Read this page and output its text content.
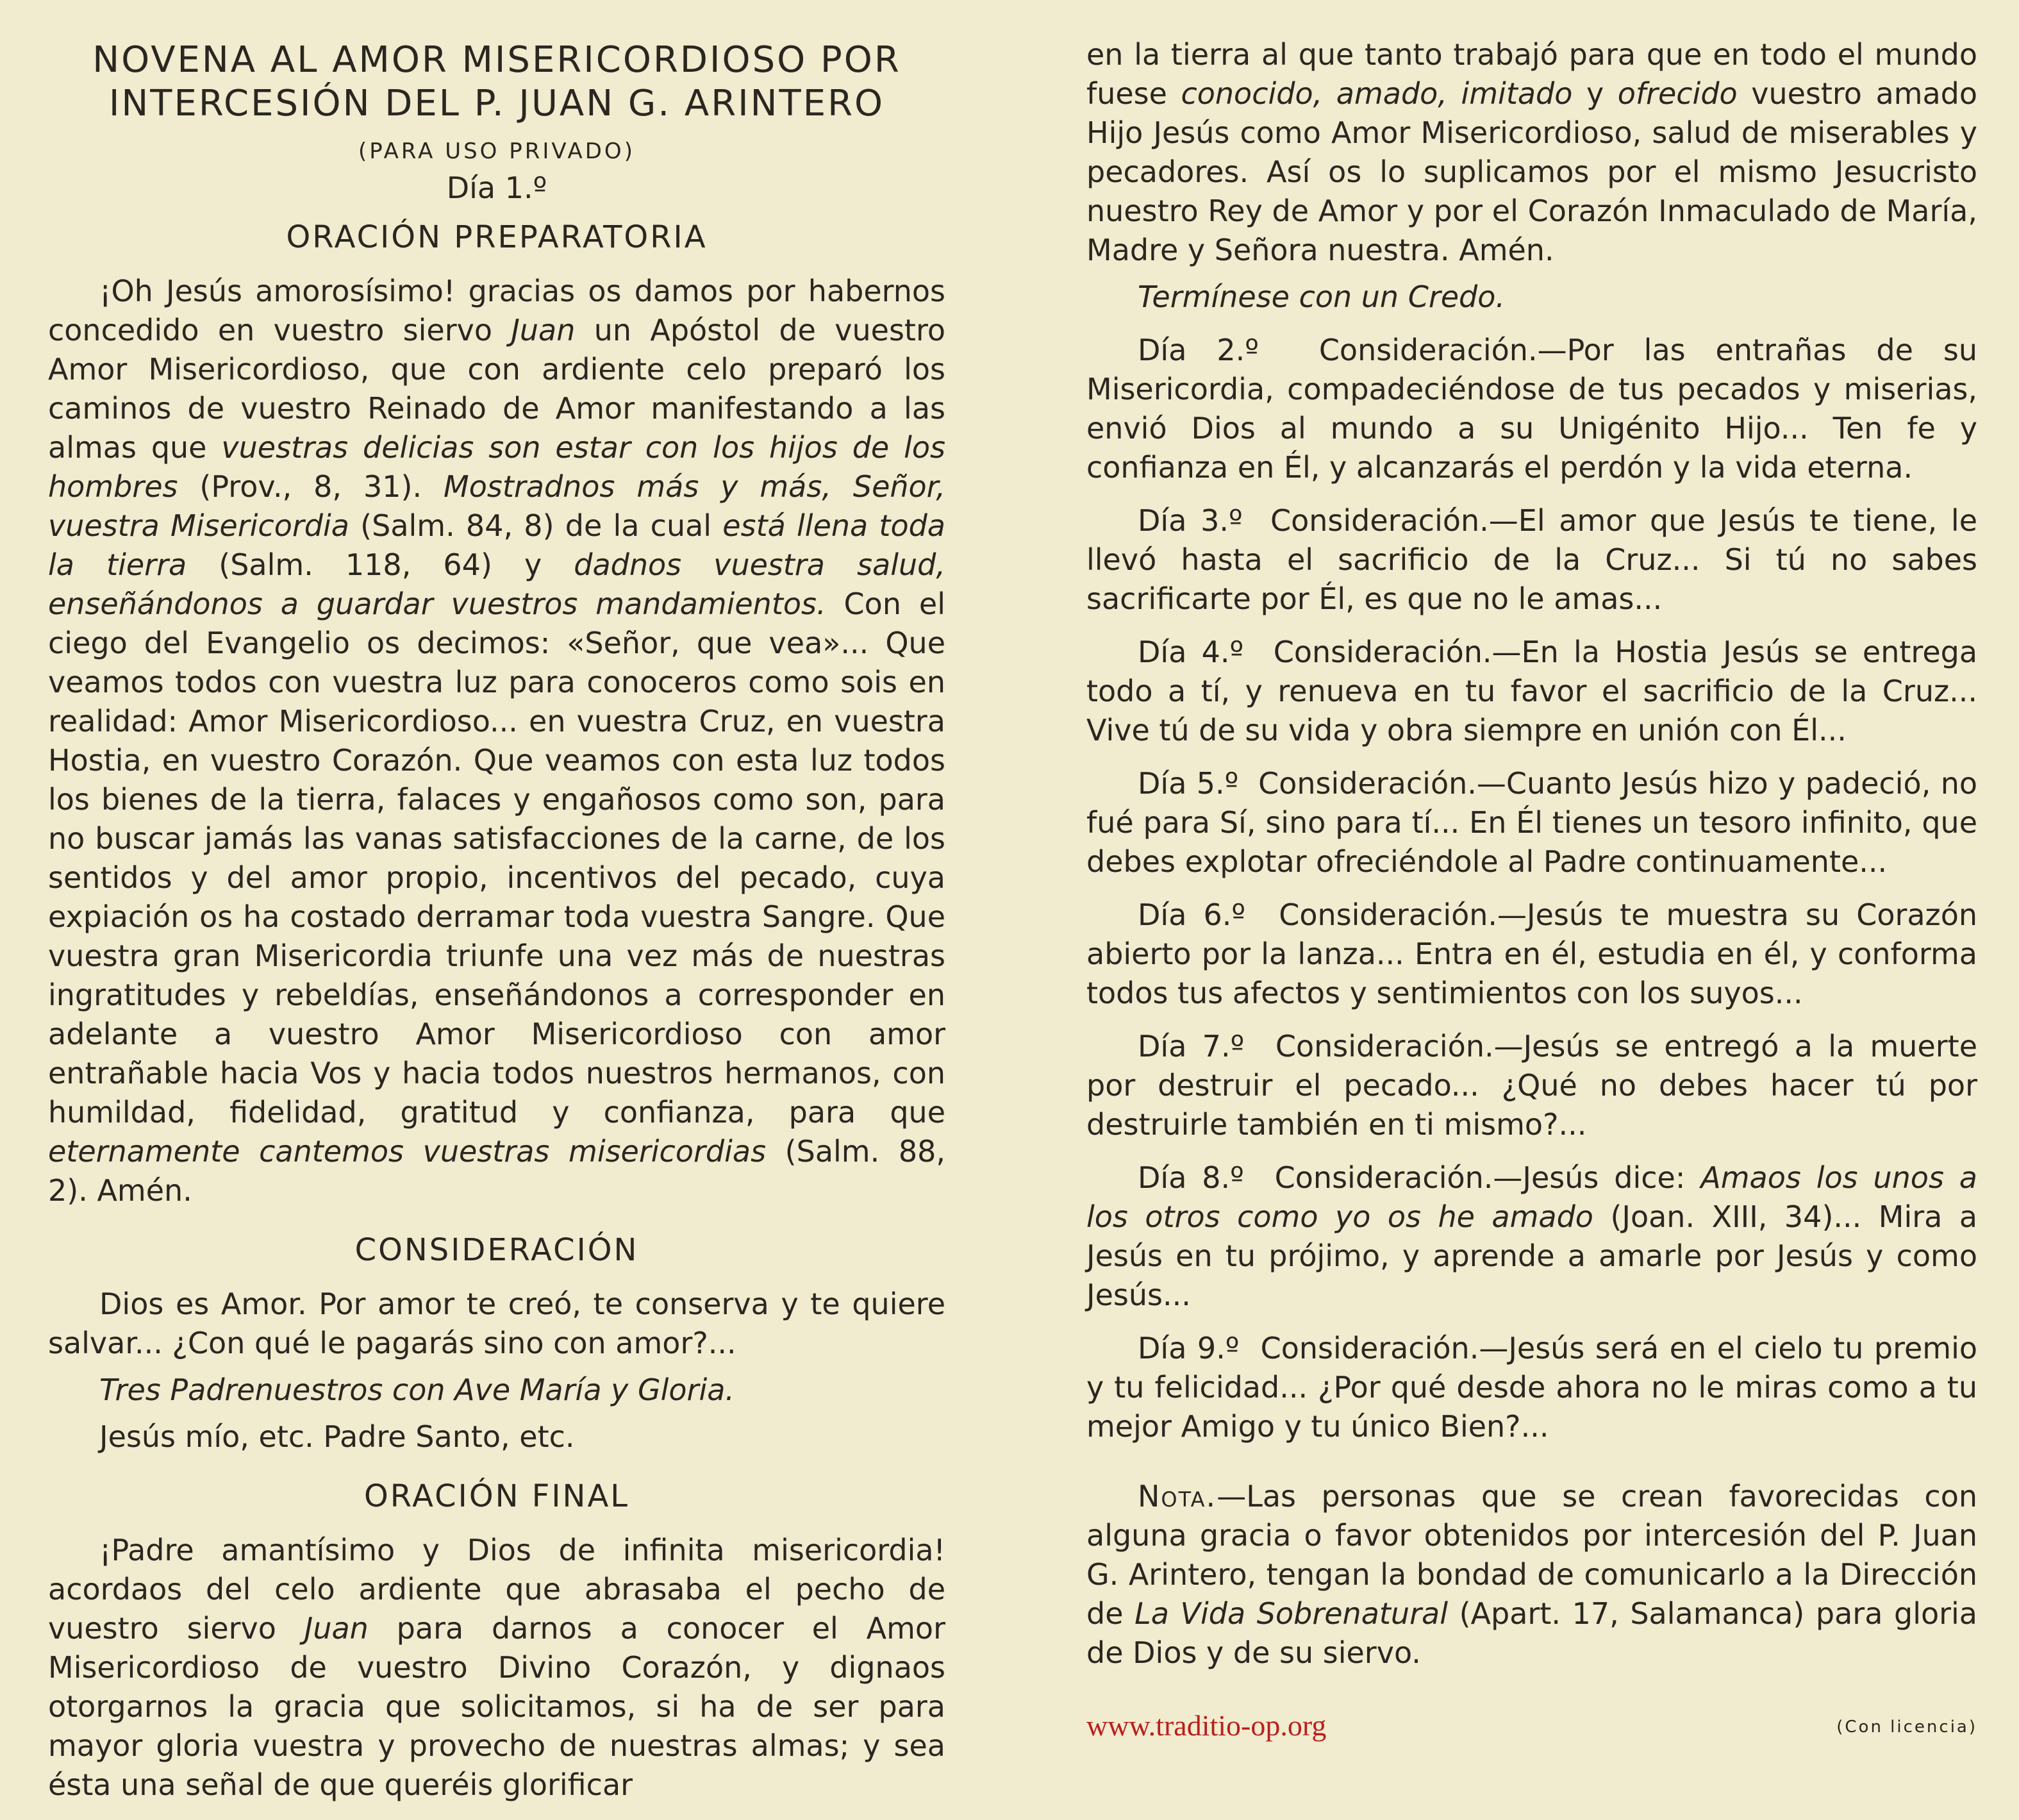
NOVENA AL AMOR MISERICORDIOSO POR INTERCESIÓN DEL P. JUAN G. ARINTERO
(PARA USO PRIVADO)
Día 1.º
ORACIÓN PREPARATORIA

¡Oh Jesús amorosísimo! gracias os damos por habernos concedido en vuestro siervo Juan un Apóstol de vuestro Amor Misericordioso, que con ardiente celo preparó los caminos de vuestro Reinado de Amor manifestando a las almas que vuestras delicias son estar con los hijos de los hombres (Prov., 8, 31). Mostradnos más y más, Señor, vuestra Misericordia (Salm. 84, 8) de la cual está llena toda la tierra (Salm. 118, 64) y dadnos vuestra salud, enseñándonos a guardar vuestros mandamientos. Con el ciego del Evangelio os decimos: «Señor, que vea»... Que veamos todos con vuestra luz para conoceros como sois en realidad: Amor Misericordioso... en vuestra Cruz, en vuestra Hostia, en vuestro Corazón. Que veamos con esta luz todos los bienes de la tierra, falaces y engañosos como son, para no buscar jamás las vanas satisfacciones de la carne, de los sentidos y del amor propio, incentivos del pecado, cuya expiación os ha costado derramar toda vuestra Sangre. Que vuestra gran Misericordia triunfe una vez más de nuestras ingratitudes y rebeldías, enseñándonos a corresponder en adelante a vuestro Amor Misericordioso con amor entrañable hacia Vos y hacia todos nuestros hermanos, con humildad, fidelidad, gratitud y confianza, para que eternamente cantemos vuestras misericordias (Salm. 88, 2). Amén.

CONSIDERACIÓN

Dios es Amor. Por amor te creó, te conserva y te quiere salvar... ¿Con qué le pagarás sino con amor?...

Tres Padrenuestros con Ave María y Gloria.

Jesús mío, etc. Padre Santo, etc.

ORACIÓN FINAL

¡Padre amantísimo y Dios de infinita misericordia! acordaos del celo ardiente que abrasaba el pecho de vuestro siervo Juan para darnos a conocer el Amor Misericordioso de vuestro Divino Corazón, y dignaos otorgarnos la gracia que solicitamos, si ha de ser para mayor gloria vuestra y provecho de nuestras almas; y sea ésta una señal de que queréis glorificar

en la tierra al que tanto trabajó para que en todo el mundo fuese conocido, amado, imitado y ofrecido vuestro amado Hijo Jesús como Amor Misericordioso, salud de miserables y pecadores. Así os lo suplicamos por el mismo Jesucristo nuestro Rey de Amor y por el Corazón Inmaculado de María, Madre y Señora nuestra. Amén.

Termínese con un Credo.

Día 2.º Consideración.—Por las entrañas de su Misericordia, compadeciéndose de tus pecados y miserias, envió Dios al mundo a su Unigénito Hijo... Ten fe y confianza en Él, y alcanzarás el perdón y la vida eterna.

Día 3.º Consideración.—El amor que Jesús te tiene, le llevó hasta el sacrificio de la Cruz... Si tú no sabes sacrificarte por Él, es que no le amas...

Día 4.º Consideración.—En la Hostia Jesús se entrega todo a tí, y renueva en tu favor el sacrificio de la Cruz... Vive tú de su vida y obra siempre en unión con Él...

Día 5.º Consideración.—Cuanto Jesús hizo y padeció, no fué para Sí, sino para tí... En Él tienes un tesoro infinito, que debes explotar ofreciéndole al Padre continuamente...

Día 6.º Consideración.—Jesús te muestra su Corazón abierto por la lanza... Entra en él, estudia en él, y conforma todos tus afectos y sentimientos con los suyos...

Día 7.º Consideración.—Jesús se entregó a la muerte por destruir el pecado... ¿Qué no debes hacer tú por destruirle también en ti mismo?...

Día 8.º Consideración.—Jesús dice: Amaos los unos a los otros como yo os he amado (Joan. XIII, 34)... Mira a Jesús en tu prójimo, y aprende a amarle por Jesús y como Jesús...

Día 9.º Consideración.—Jesús será en el cielo tu premio y tu felicidad... ¿Por qué desde ahora no le miras como a tu mejor Amigo y tu único Bien?...

Nota.—Las personas que se crean favorecidas con alguna gracia o favor obtenidos por intercesión del P. Juan G. Arintero, tengan la bondad de comunicarlo a la Dirección de La Vida Sobrenatural (Apart. 17, Salamanca) para gloria de Dios y de su siervo.

www.traditio-op.org	(Con licencia)
